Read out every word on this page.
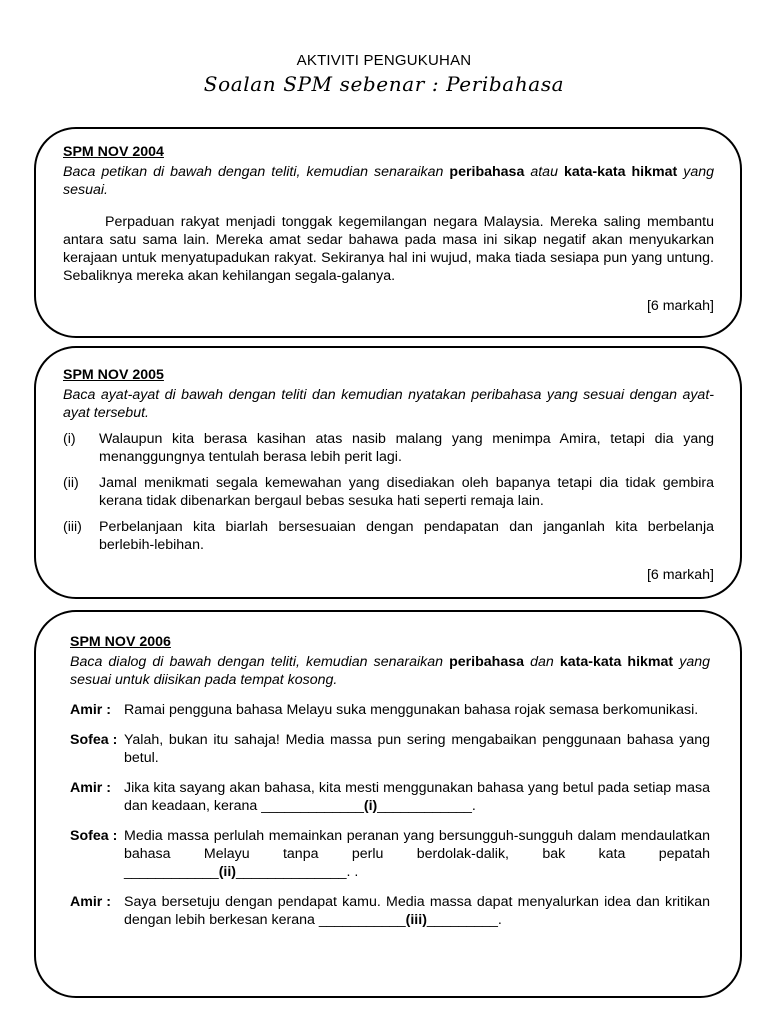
AKTIVITI PENGUKUHAN
Soalan SPM sebenar : Peribahasa
SPM NOV 2004

Baca petikan di bawah dengan teliti, kemudian senaraikan peribahasa atau kata-kata hikmat yang sesuai.

Perpaduan rakyat menjadi tonggak kegemilangan negara Malaysia. Mereka saling membantu antara satu sama lain. Mereka amat sedar bahawa pada masa ini sikap negatif akan menyukarkan kerajaan untuk menyatupadukan rakyat. Sekiranya hal ini wujud, maka tiada sesiapa pun yang untung. Sebaliknya mereka akan kehilangan segala-galanya.

[6 markah]
SPM NOV 2005

Baca ayat-ayat di bawah dengan teliti dan kemudian nyatakan peribahasa yang sesuai dengan ayat-ayat tersebut.

(i)	Walaupun kita berasa kasihan atas nasib malang yang menimpa Amira, tetapi dia yang menanggungnya tentulah berasa lebih perit lagi.
(ii)	Jamal menikmati segala kemewahan yang disediakan oleh bapanya tetapi dia tidak gembira kerana tidak dibenarkan bergaul bebas sesuka hati seperti remaja lain.
(iii)	Perbelanjaan kita biarlah bersesuaian dengan pendapatan dan janganlah kita berbelanja berlebih-lebihan.
[6 markah]
SPM NOV 2006

Baca dialog di bawah dengan teliti, kemudian senaraikan peribahasa dan kata-kata hikmat yang sesuai untuk diisikan pada tempat kosong.

Amir : Ramai pengguna bahasa Melayu suka menggunakan bahasa rojak semasa berkomunikasi.
Sofea : Yalah, bukan itu sahaja! Media massa pun sering mengabaikan penggunaan bahasa yang betul.
Amir : Jika kita sayang akan bahasa, kita mesti menggunakan bahasa yang betul pada setiap masa dan keadaan, kerana _____________(i)____________.
Sofea : Media massa perlulah memainkan peranan yang bersungguh-sungguh dalam mendaulatkan bahasa Melayu tanpa perlu berdolak-dalik, bak kata pepatah ____________(ii)______________. .
Amir : Saya bersetuju dengan pendapat kamu. Media massa dapat menyalurkan idea dan kritikan dengan lebih berkesan kerana ___________(iii)_________.
